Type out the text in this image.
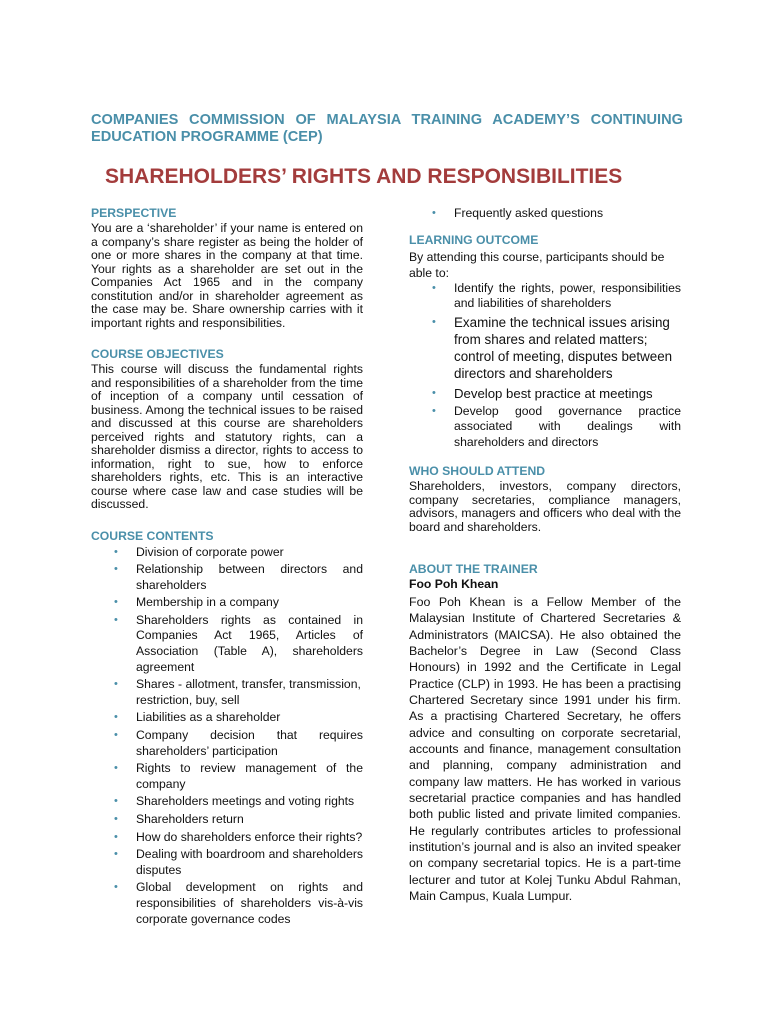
COMPANIES COMMISSION OF MALAYSIA TRAINING ACADEMY’S CONTINUING EDUCATION PROGRAMME (CEP)
SHAREHOLDERS’ RIGHTS AND RESPONSIBILITIES
PERSPECTIVE

You are a ‘shareholder’ if your name is entered on a company’s share register as being the holder of one or more shares in the company at that time. Your rights as a shareholder are set out in the Companies Act 1965 and in the company constitution and/or in shareholder agreement as the case may be. Share ownership carries with it important rights and responsibilities.

COURSE OBJECTIVES

This course will discuss the fundamental rights and responsibilities of a shareholder from the time of inception of a company until cessation of business. Among the technical issues to be raised and discussed at this course are shareholders perceived rights and statutory rights, can a shareholder dismiss a director, rights to access to information, right to sue, how to enforce shareholders rights, etc. This is an interactive course where case law and case studies will be discussed.

COURSE CONTENTS
• Division of corporate power
• Relationship between directors and shareholders
• Membership in a company
• Shareholders rights as contained in Companies Act 1965, Articles of Association (Table A), shareholders agreement
• Shares - allotment, transfer, transmission, restriction, buy, sell
• Liabilities as a shareholder
• Company decision that requires shareholders’ participation
• Rights to review management of the company
• Shareholders meetings and voting rights
• Shareholders return
• How do shareholders enforce their rights?
• Dealing with boardroom and shareholders disputes
• Global development on rights and responsibilities of shareholders vis-à-vis corporate governance codes
• Frequently asked questions
LEARNING OUTCOME

By attending this course, participants should be able to:

• Identify the rights, power, responsibilities and liabilities of shareholders
• Examine the technical issues arising from shares and related matters; control of meeting, disputes between directors and shareholders
• Develop best practice at meetings
• Develop good governance practice associated with dealings with shareholders and directors
WHO SHOULD ATTEND

Shareholders, investors, company directors, company secretaries, compliance managers, advisors, managers and officers who deal with the board and shareholders.

ABOUT THE TRAINER
Foo Poh Khean

Foo Poh Khean is a Fellow Member of the Malaysian Institute of Chartered Secretaries & Administrators (MAICSA). He also obtained the Bachelor’s Degree in Law (Second Class Honours) in 1992 and the Certificate in Legal Practice (CLP) in 1993. He has been a practising Chartered Secretary since 1991 under his firm. As a practising Chartered Secretary, he offers advice and consulting on corporate secretarial, accounts and finance, management consultation and planning, company administration and company law matters. He has worked in various secretarial practice companies and has handled both public listed and private limited companies. He regularly contributes articles to professional institution’s journal and is also an invited speaker on company secretarial topics. He is a part-time lecturer and tutor at Kolej Tunku Abdul Rahman, Main Campus, Kuala Lumpur.
